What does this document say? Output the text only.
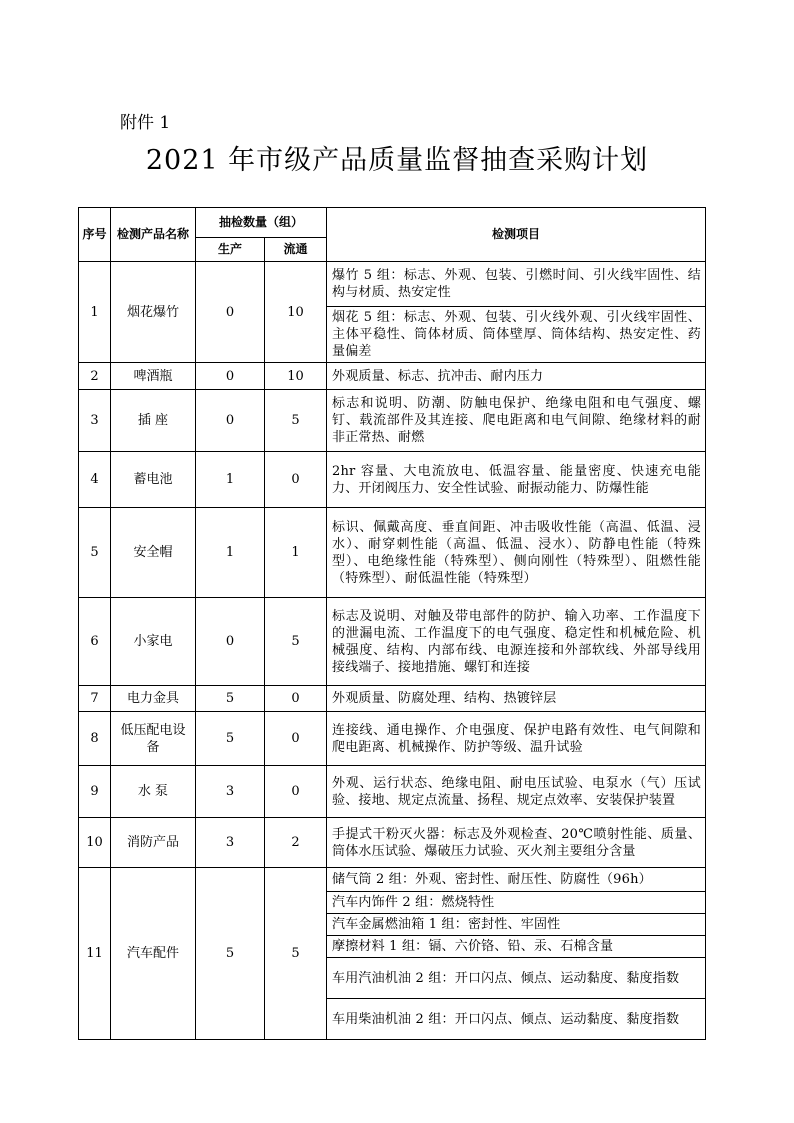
附件 1
2021 年市级产品质量监督抽查采购计划
序号	检测产品名称	抽检数量（组）		检测项目
		生产	流通	
1	烟花爆竹	0	10	爆竹 5 组：标志、外观、包装、引燃时间、引火线牢固性、结构与材质、热安定性
				烟花 5 组：标志、外观、包装、引火线外观、引火线牢固性、主体平稳性、筒体材质、筒体壁厚、筒体结构、热安定性、药量偏差
2	啤酒瓶	0	10	外观质量、标志、抗冲击、耐内压力
3	插 座	0	5	标志和说明、防潮、防触电保护、绝缘电阻和电气强度、螺钉、载流部件及其连接、爬电距离和电气间隙、绝缘材料的耐非正常热、耐燃
4	蓄电池	1	0	2hr 容量、大电流放电、低温容量、能量密度、快速充电能力、开闭阀压力、安全性试验、耐振动能力、防爆性能
5	安全帽	1	1	标识、佩戴高度、垂直间距、冲击吸收性能（高温、低温、浸水）、耐穿刺性能（高温、低温、浸水）、防静电性能（特殊型）、电绝缘性能（特殊型）、侧向刚性（特殊型）、阻燃性能（特殊型）、耐低温性能（特殊型）
6	小家电	0	5	标志及说明、对触及带电部件的防护、输入功率、工作温度下的泄漏电流、工作温度下的电气强度、稳定性和机械危险、机械强度、结构、内部布线、电源连接和外部软线、外部导线用接线端子、接地措施、螺钉和连接
7	电力金具	5	0	外观质量、防腐处理、结构、热镀锌层
8	低压配电设备	5	0	连接线、通电操作、介电强度、保护电路有效性、电气间隙和爬电距离、机械操作、防护等级、温升试验
9	水 泵	3	0	外观、运行状态、绝缘电阻、耐电压试验、电泵水（气）压试验、接地、规定点流量、扬程、规定点效率、安装保护装置
10	消防产品	3	2	手提式干粉灭火器：标志及外观检查、20℃喷射性能、质量、筒体水压试验、爆破压力试验、灭火剂主要组分含量
11	汽车配件	5	5	储气筒 2 组：外观、密封性、耐压性、防腐性（96h）
				汽车内饰件 2 组：燃烧特性
				汽车金属燃油箱 1 组：密封性、牢固性
				摩擦材料 1 组：镉、六价铬、铅、汞、石棉含量
				车用汽油机油 2 组：开口闪点、倾点、运动黏度、黏度指数
				车用柴油机油 2 组：开口闪点、倾点、运动黏度、黏度指数
